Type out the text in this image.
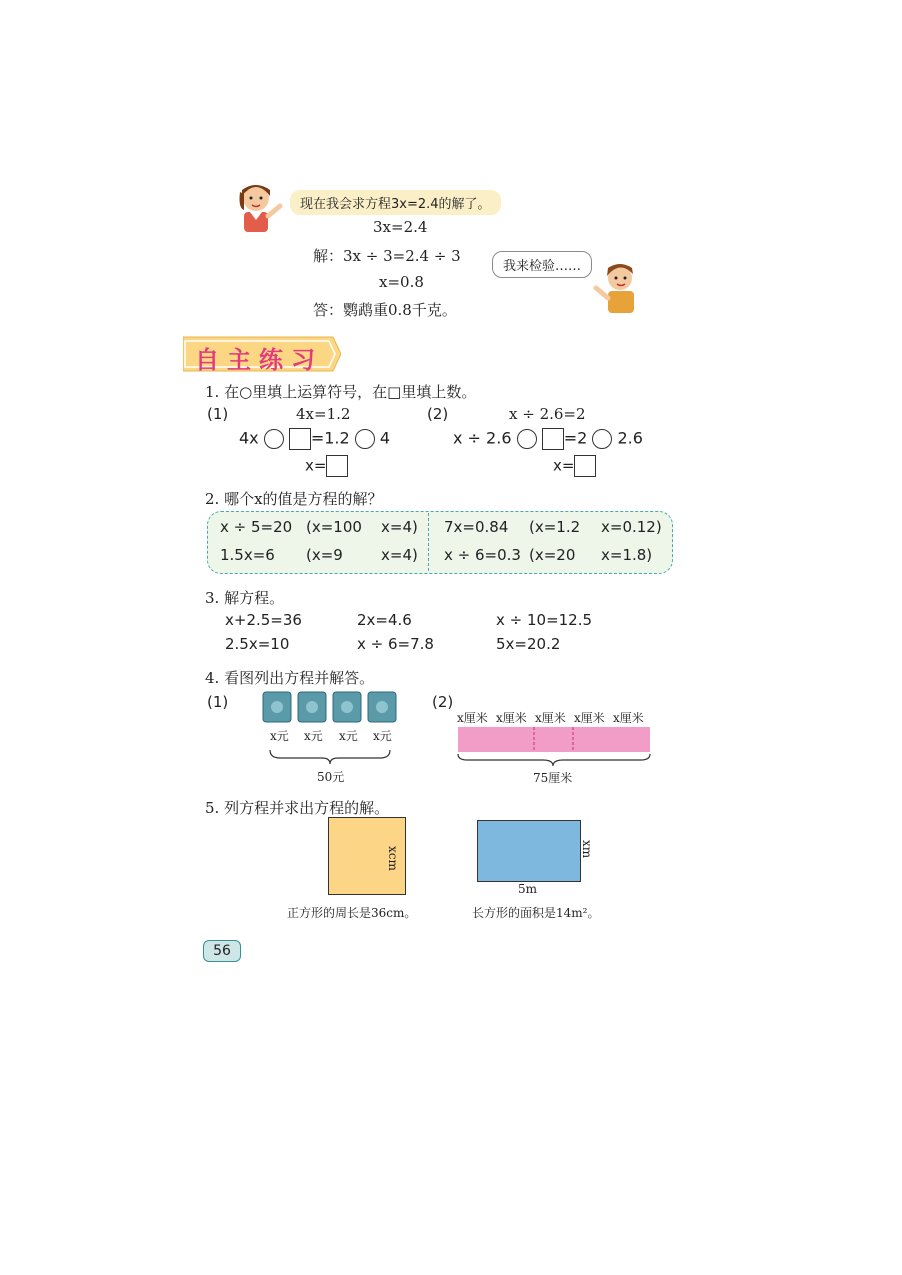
现在我会求方程3x=2.4的解了。
3x=2.4
解：3x ÷ 3=2.4 ÷ 3
x=0.8
答：鹦鹉重0.8千克。
我来检验……
自主练习
1. 在○里填上运算符号，在□里填上数。
(1)	4x=1.2
4x	=1.2 4
x=
(2)	x ÷ 2.6=2
x ÷ 2.6	=2 2.6
x=
2. 哪个x的值是方程的解？
x ÷ 5=20 (x=100 x=4) 7x=0.84 (x=1.2 x=0.12)
1.5x=6 (x=9	x=4) x ÷ 6=0.3 (x=20 x=1.8)
3. 解方程。
x+2.5=36	2x=4.6	x ÷ 10=12.5
2.5x=10	x ÷ 6=7.8	5x=20.2
4. 看图列出方程并解答。
(1)
x元 x元 x元 x元
50元
(2)
x厘米 x厘米 x厘米 x厘米 x厘米
75厘米
5. 列方程并求出方程的解。
xcm
正方形的周长是36cm。
xm
5m
长方形的面积是14m²。
56
